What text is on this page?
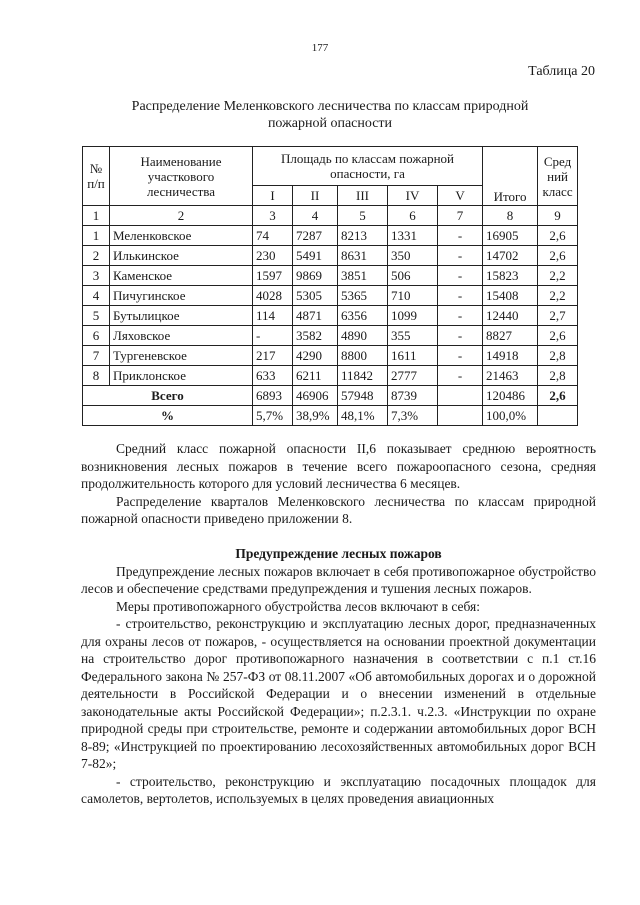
177
Таблица 20
Распределение Меленковского лесничества по классам природной пожарной опасности
№ п/п	Наименование участкового лесничества	Площадь по классам пожарной опасности, га					Итого	Сред ний класс
		I	II	III	IV	V		
1	2	3	4	5	6	7	8	9
1	Меленковское	74	7287	8213	1331	-	16905	2,6
2	Илькинское	230	5491	8631	350	-	14702	2,6
3	Каменское	1597	9869	3851	506	-	15823	2,2
4	Пичугинское	4028	5305	5365	710	-	15408	2,2
5	Бутылицкое	114	4871	6356	1099	-	12440	2,7
6	Ляховское	-	3582	4890	355	-	8827	2,6
7	Тургеневское	217	4290	8800	1611	-	14918	2,8
8	Приклонское	633	6211	11842	2777	-	21463	2,8
Всего		6893	46906	57948	8739		120486	2,6
%		5,7%	38,9%	48,1%	7,3%		100,0%	

Средний класс пожарной опасности II,6 показывает среднюю вероятность возникновения лесных пожаров в течение всего пожароопасного сезона, средняя продолжительность которого для условий лесничества 6 месяцев.

Распределение кварталов Меленковского лесничества по классам природной пожарной опасности приведено приложении 8.

Предупреждение лесных пожаров

Предупреждение лесных пожаров включает в себя противопожарное обустройство лесов и обеспечение средствами предупреждения и тушения лесных пожаров.

Меры противопожарного обустройства лесов включают в себя:

- строительство, реконструкцию и эксплуатацию лесных дорог, предназначенных для охраны лесов от пожаров, - осуществляется на основании проектной документации на строительство дорог противопожарного назначения в соответствии с п.1 ст.16 Федерального закона № 257-ФЗ от 08.11.2007 «Об автомобильных дорогах и о дорожной деятельности в Российской Федерации и о внесении изменений в отдельные законодательные акты Российской Федерации»; п.2.3.1. ч.2.3. «Инструкции по охране природной среды при строительстве, ремонте и содержании автомобильных дорог ВСН 8-89; «Инструкцией по проектированию лесохозяйственных автомобильных дорог ВСН 7-82»;

- строительство, реконструкцию и эксплуатацию посадочных площадок для самолетов, вертолетов, используемых в целях проведения авиационных
